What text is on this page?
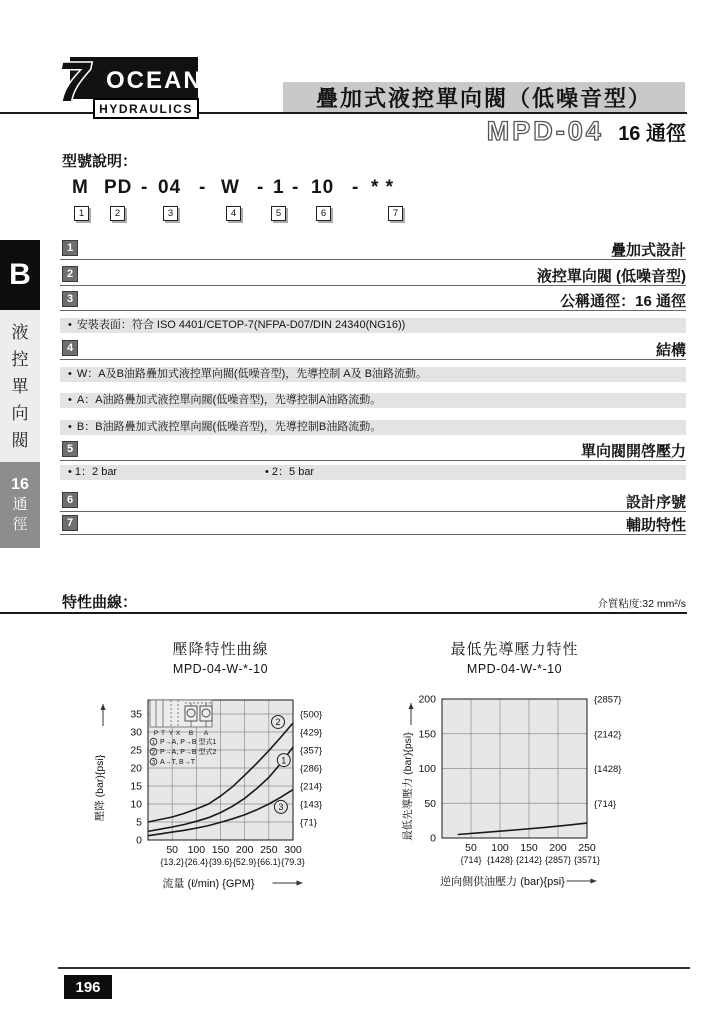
OCEAN
7 HYDRAULICS	疊加式液控單向閥（低噪音型）
MPD-04 16 通徑
B
液
控
單
向
閥
16
通
徑
型號說明：
M
1
PD
2
04
3
W
4
1
5
10
6
* *
7
-	-	- -	-
1	疊加式設計
2	液控單向閥 (低噪音型)
3	公稱通徑：16 通徑
• 安裝表面：符合 ISO 4401/CETOP-7(NFPA-D07/DIN 24340(NG16))
4	結構
• W：A及B油路疊加式液控單向閥(低噪音型)，先導控制 A及 B油路流動。
• A：A油路疊加式液控單向閥(低噪音型)，先導控制A油路流動。
• B：B油路疊加式液控單向閥(低噪音型)，先導控制B油路流動。
5	單向閥開啓壓力
• 1：2 bar	• 2：5 bar
6	設計序號
7	輔助特性
特性曲線：	介質粘度:32 mm²/s
壓降特性曲線
MPD-04-W-*-10
0
5
10
15
20
25
30
35
50 100 150 200 250 300
{13.2} {26.4} {39.6} {52.9} {66.1} {79.3}
{71}
{143}
{214}
{286}
{357}
{429}
{500}
2
1
3
P T Y X B A
1 P→A, P→B 型式1
2 P→A, P→B 型式2
3 A→T, B→T
流量 (ℓ/min) {GPM}
壓降 (bar){psi}
最低先導壓力特性
MPD-04-W-*-10
0
50
100
150
200
50 100 150 200 250
{714} {1428} {2142} {2857} {3571}
{714}
{1428}
{2142}
{2857}
逆向側供油壓力 (bar){psi}
最低先導壓力 (bar){psi}
196
